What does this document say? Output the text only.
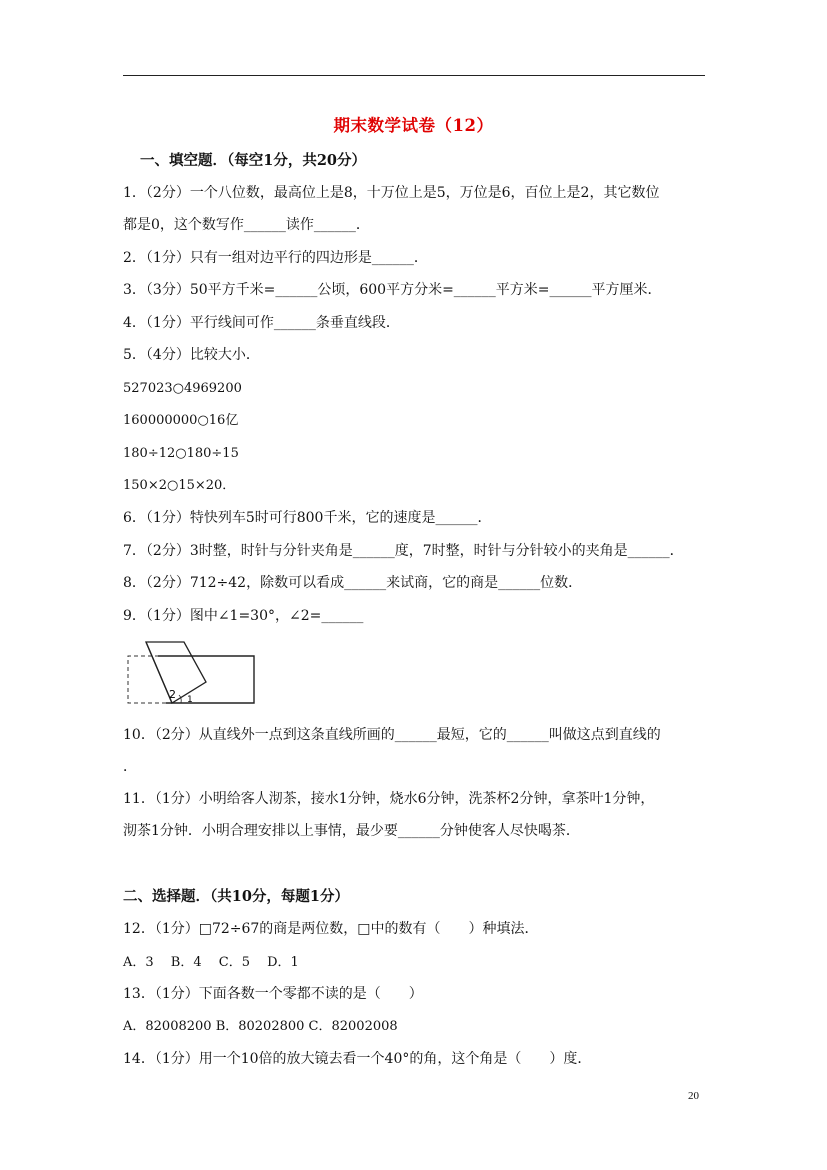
期末数学试卷（12）
一、填空题．（每空1分，共20分）
1．（2分）一个八位数，最高位上是8，十万位上是5，万位是6，百位上是2，其它数位
都是0，这个数写作______读作______．
2．（1分）只有一组对边平行的四边形是______．
3．（3分）50平方千米=______公顷，600平方分米=______平方米=______平方厘米．
4．（1分）平行线间可作______条垂直线段．
5．（4分）比较大小．
527023○4969200
160000000○16亿
180÷12○180÷15
150×2○15×20．
6．（1分）特快列车5时可行800千米，它的速度是______．
7．（2分）3时整，时针与分针夹角是______度，7时整，时针与分针较小的夹角是______．
8．（2分）712÷42，除数可以看成______来试商，它的商是______位数．
9．（1分）图中∠1=30°，∠2=______
2 1
10．（2分）从直线外一点到这条直线所画的______最短，它的______叫做这点到直线的
．
11．（1分）小明给客人沏茶，接水1分钟，烧水6分钟，洗茶杯2分钟，拿茶叶1分钟，
沏茶1分钟．小明合理安排以上事情，最少要______分钟使客人尽快喝茶．
二、选择题．（共10分，每题1分）
12．（1分）□72÷67的商是两位数，□中的数有（　　）种填法．
A．3　 B．4　 C．5　 D．1
13．（1分）下面各数一个零都不读的是（　　）
A．82008200 B．80202800 C．82002008
14．（1分）用一个10倍的放大镜去看一个40°的角，这个角是（　　）度．
20
